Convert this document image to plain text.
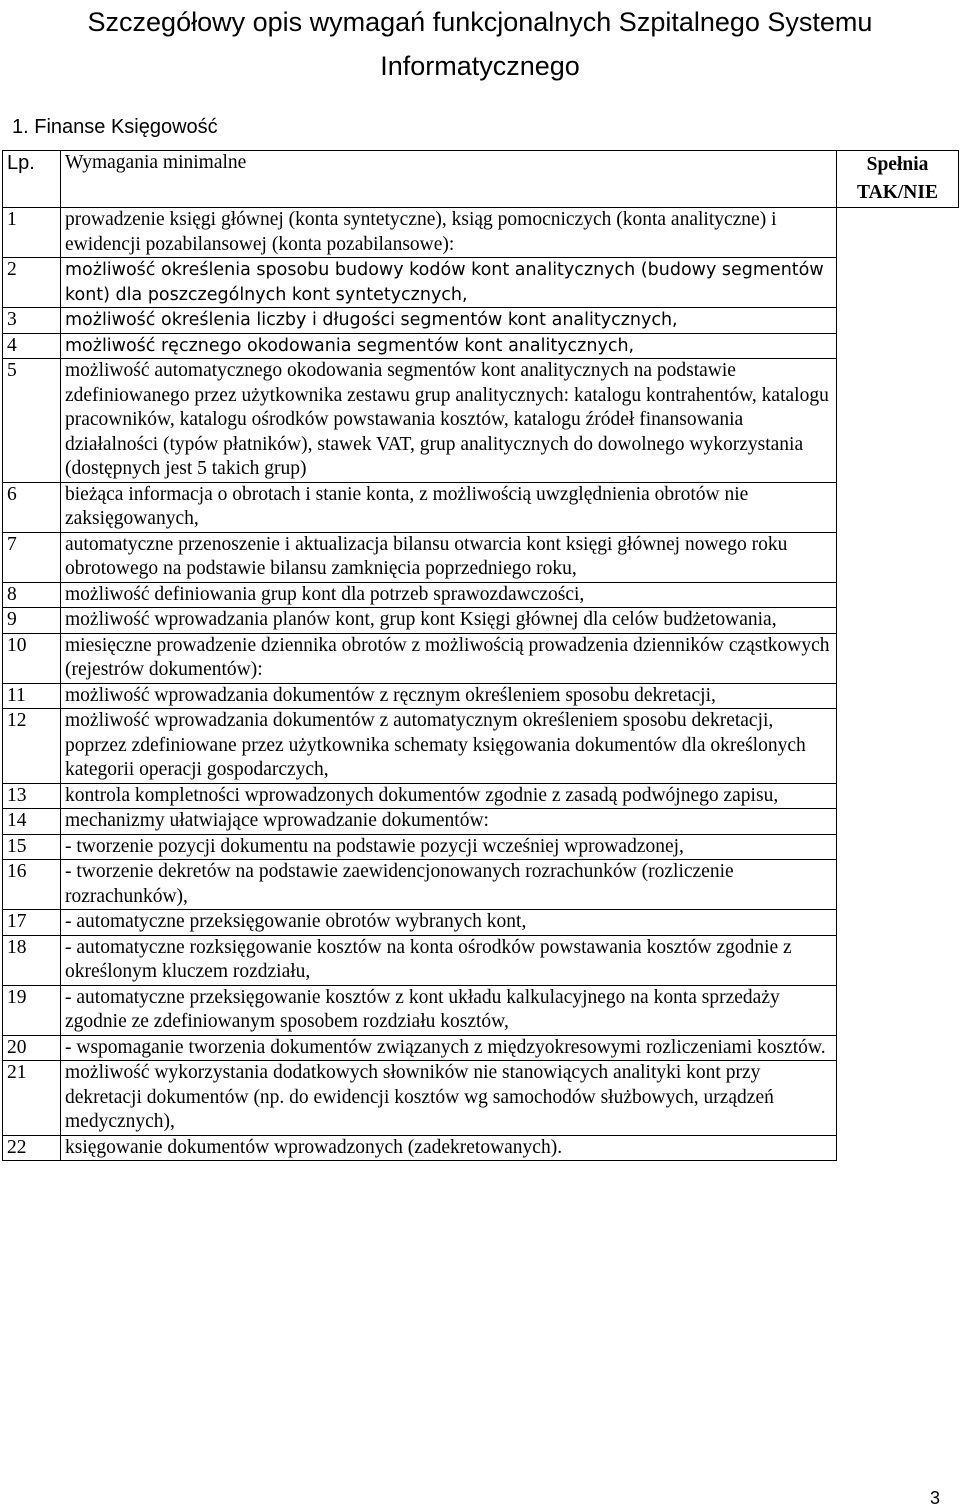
Szczegółowy opis wymagań funkcjonalnych Szpitalnego Systemu
Informatycznego
1. Finanse Księgowość
Lp.	Wymagania minimalne	Spełnia
TAK/NIE
1	prowadzenie księgi głównej (konta syntetyczne), ksiąg pomocniczych (konta analityczne) i ewidencji pozabilansowej (konta pozabilansowe):	
2	możliwość określenia sposobu budowy kodów kont analitycznych (budowy segmentów kont) dla poszczególnych kont syntetycznych,	
3	możliwość określenia liczby i długości segmentów kont analitycznych,	
4	możliwość ręcznego okodowania segmentów kont analitycznych,	
5	możliwość automatycznego okodowania segmentów kont analitycznych na podstawie zdefiniowanego przez użytkownika zestawu grup analitycznych: katalogu kontrahentów, katalogu pracowników, katalogu ośrodków powstawania kosztów, katalogu źródeł finansowania działalności (typów płatników), stawek VAT, grup analitycznych do dowolnego wykorzystania (dostępnych jest 5 takich grup)	
6	bieżąca informacja o obrotach i stanie konta, z możliwością uwzględnienia obrotów nie zaksięgowanych,	
7	automatyczne przenoszenie i aktualizacja bilansu otwarcia kont księgi głównej nowego roku obrotowego na podstawie bilansu zamknięcia poprzedniego roku,	
8	możliwość definiowania grup kont dla potrzeb sprawozdawczości,	
9	możliwość wprowadzania planów kont, grup kont Księgi głównej dla celów budżetowania,	
10	miesięczne prowadzenie dziennika obrotów z możliwością prowadzenia dzienników cząstkowych (rejestrów dokumentów):	
11	możliwość wprowadzania dokumentów z ręcznym określeniem sposobu dekretacji,	
12	możliwość wprowadzania dokumentów z automatycznym określeniem sposobu dekretacji, poprzez zdefiniowane przez użytkownika schematy księgowania dokumentów dla określonych kategorii operacji gospodarczych,	
13	kontrola kompletności wprowadzonych dokumentów zgodnie z zasadą podwójnego zapisu,	
14	mechanizmy ułatwiające wprowadzanie dokumentów:	
15	- tworzenie pozycji dokumentu na podstawie pozycji wcześniej wprowadzonej,	
16	- tworzenie dekretów na podstawie zaewidencjonowanych rozrachunków (rozliczenie rozrachunków),	
17	- automatyczne przeksięgowanie obrotów wybranych kont,	
18	- automatyczne rozksięgowanie kosztów na konta ośrodków powstawania kosztów zgodnie z określonym kluczem rozdziału,	
19	- automatyczne przeksięgowanie kosztów z kont układu kalkulacyjnego na konta sprzedaży zgodnie ze zdefiniowanym sposobem rozdziału kosztów,	
20	- wspomaganie tworzenia dokumentów związanych z międzyokresowymi rozliczeniami kosztów.	
21	możliwość wykorzystania dodatkowych słowników nie stanowiących analityki kont przy dekretacji dokumentów (np. do ewidencji kosztów wg samochodów służbowych, urządzeń medycznych),	
22	księgowanie dokumentów wprowadzonych (zadekretowanych).	
3
